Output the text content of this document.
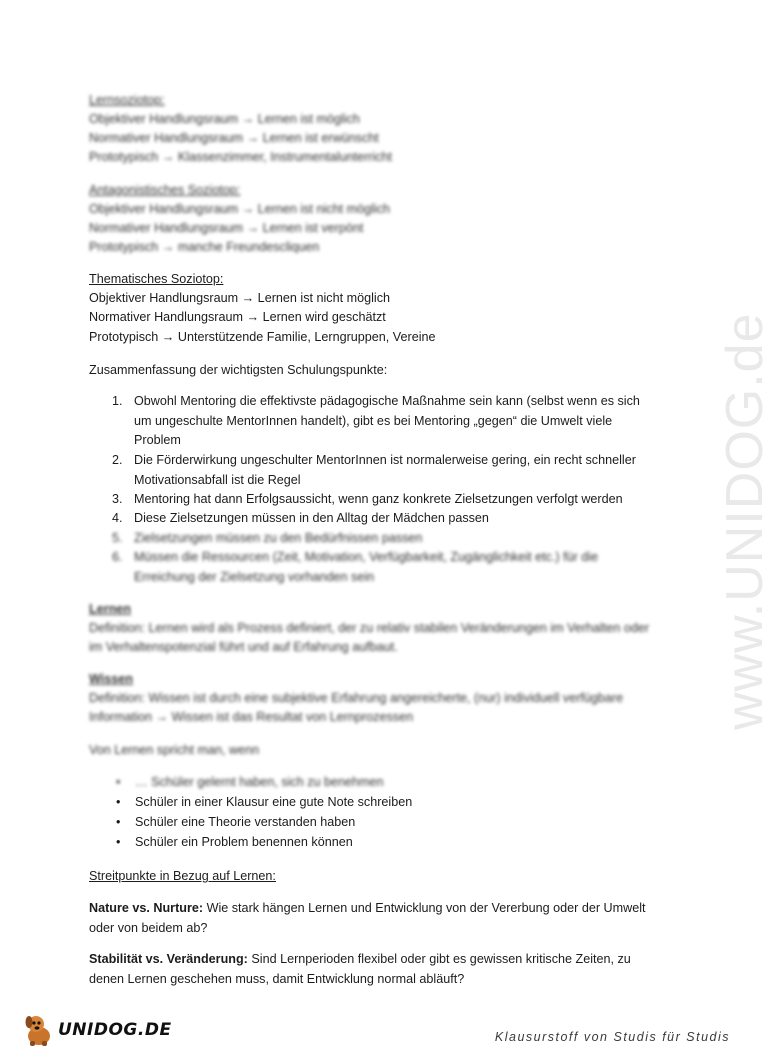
Lernsoziotop:
Objektiver Handlungsraum → Lernen ist möglich
Normativer Handlungsraum → Lernen ist erwünscht
Prototypisch → Klassenzimmer, Instrumentalunterricht
Antagonistisches Soziotop:
Objektiver Handlungsraum → Lernen ist nicht möglich
Normativer Handlungsraum → Lernen ist verpönt
Prototypisch → manche Freundescliquen
Thematisches Soziotop:
Objektiver Handlungsraum → Lernen ist nicht möglich
Normativer Handlungsraum → Lernen wird geschätzt
Prototypisch → Unterstützende Familie, Lerngruppen, Vereine
Zusammenfassung der wichtigsten Schulungspunkte:
1. Obwohl Mentoring die effektivste pädagogische Maßnahme sein kann (selbst wenn es sich um ungeschulte MentorInnen handelt), gibt es bei Mentoring „gegen“ die Umwelt viele Problem
2. Die Förderwirkung ungeschulter MentorInnen ist normalerweise gering, ein recht schneller Motivationsabfall ist die Regel
3. Mentoring hat dann Erfolgsaussicht, wenn ganz konkrete Zielsetzungen verfolgt werden
4. Diese Zielsetzungen müssen in den Alltag der Mädchen passen
5. Zielsetzungen müssen zu den Bedürfnissen passen
6. Müssen die Ressourcen (Zeit, Motivation, Verfügbarkeit, Zugänglichkeit etc.) für die Erreichung der Zielsetzung vorhanden sein
Lernen
Definition: Lernen wird als Prozess definiert, der zu relativ stabilen Veränderungen im Verhalten oder
im Verhaltenspotenzial führt und auf Erfahrung aufbaut.
Wissen
Definition: Wissen ist durch eine subjektive Erfahrung angereicherte, (nur) individuell verfügbare
Information → Wissen ist das Resultat von Lernprozessen
Von Lernen spricht man, wenn
• … Schüler gelernt haben, sich zu benehmen
• Schüler in einer Klausur eine gute Note schreiben
• Schüler eine Theorie verstanden haben
• Schüler ein Problem benennen können
Streitpunkte in Bezug auf Lernen:
Nature vs. Nurture: Wie stark hängen Lernen und Entwicklung von der Vererbung oder der Umwelt oder von beidem ab?
Stabilität vs. Veränderung: Sind Lernperioden flexibel oder gibt es gewissen kritische Zeiten, zu denen Lernen geschehen muss, damit Entwicklung normal abläuft?
www.UNIDOG.de
UNIDOG.DE	Klausurstoff von Studis für Studis
